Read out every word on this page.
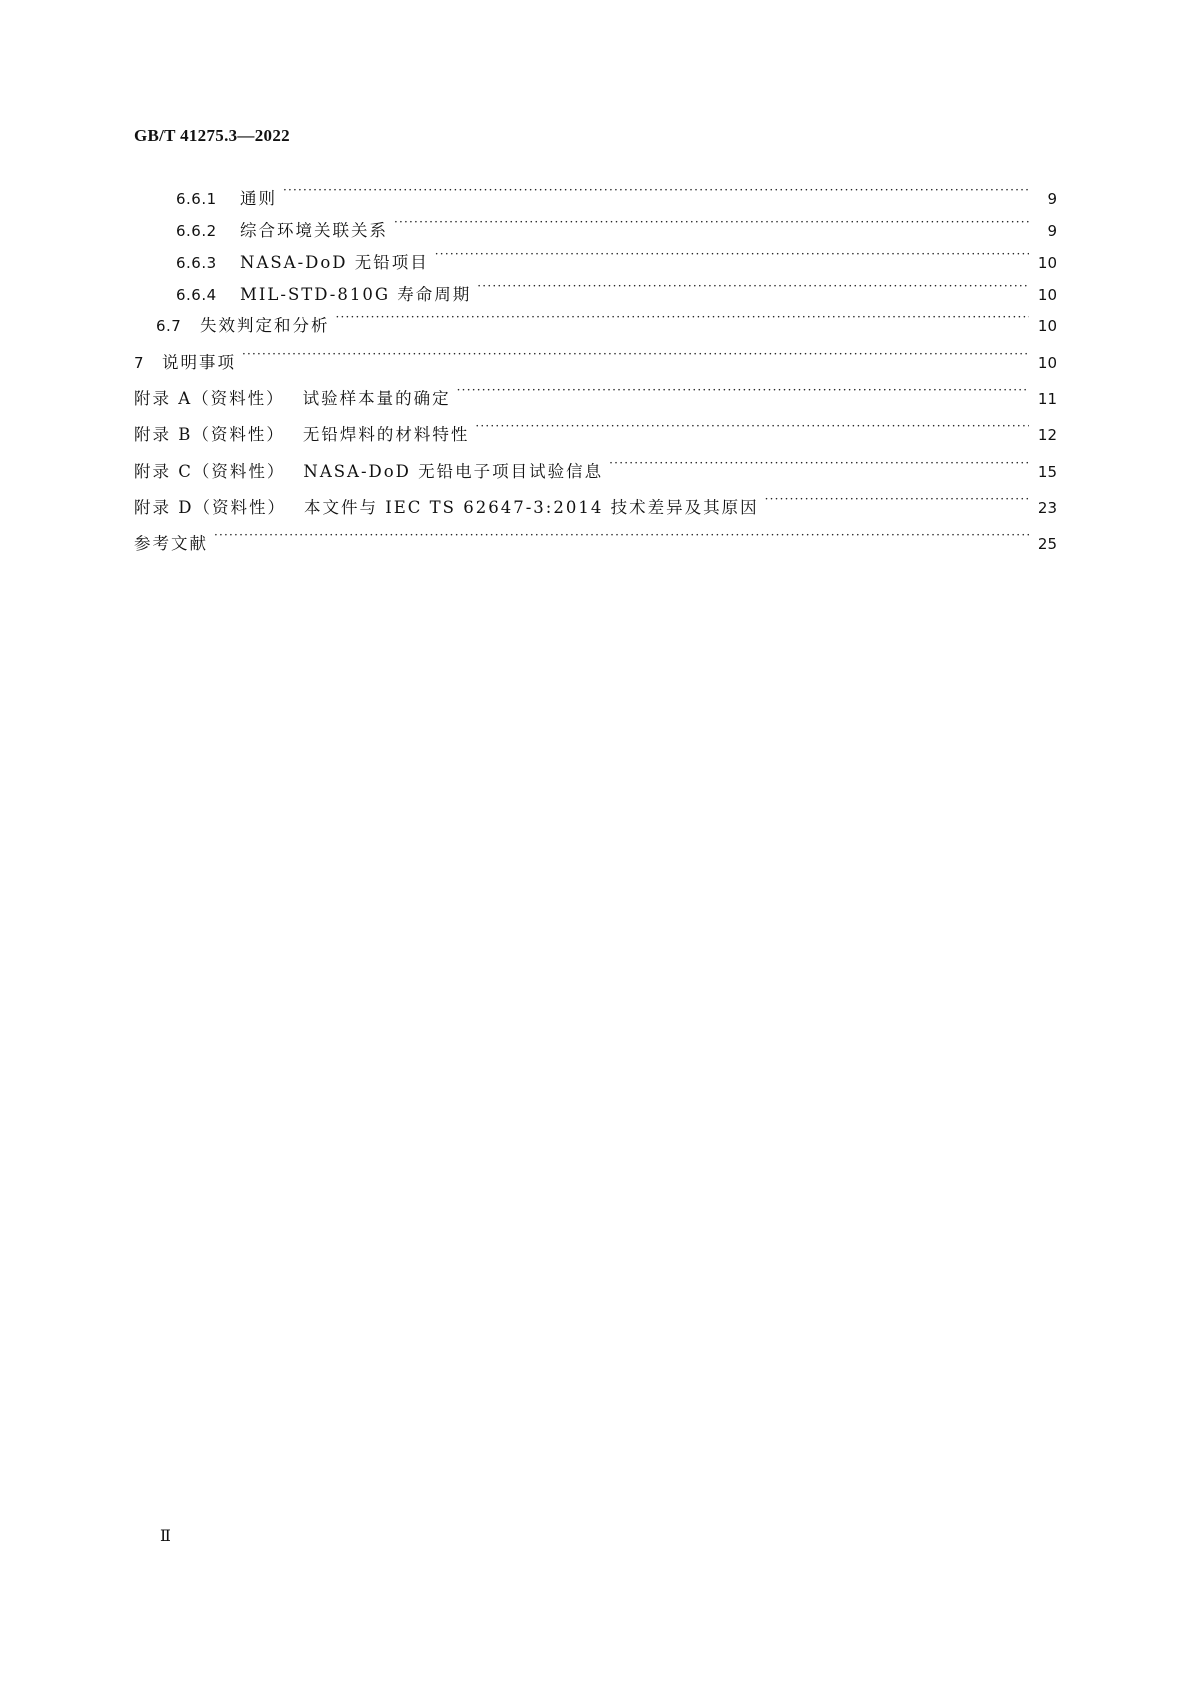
GB/T 41275.3—2022
6.6.1	通则 ·····	9
6.6.2	综合环境关联关系 ·····	9
6.6.3	NASA-DoD 无铅项目 ·····	10
6.6.4	MIL-STD-810G 寿命周期 ·····	10
6.7	失效判定和分析 ·····	10
7	说明事项 ·····	10
附录 A（资料性） 试验样本量的确定 ·····	11
附录 B（资料性） 无铅焊料的材料特性 ·····	12
附录 C（资料性） NASA-DoD 无铅电子项目试验信息 ·····	15
附录 D（资料性） 本文件与 IEC TS 62647-3:2014 技术差异及其原因 ·····	23
参考文献 ·····	25
Ⅱ
